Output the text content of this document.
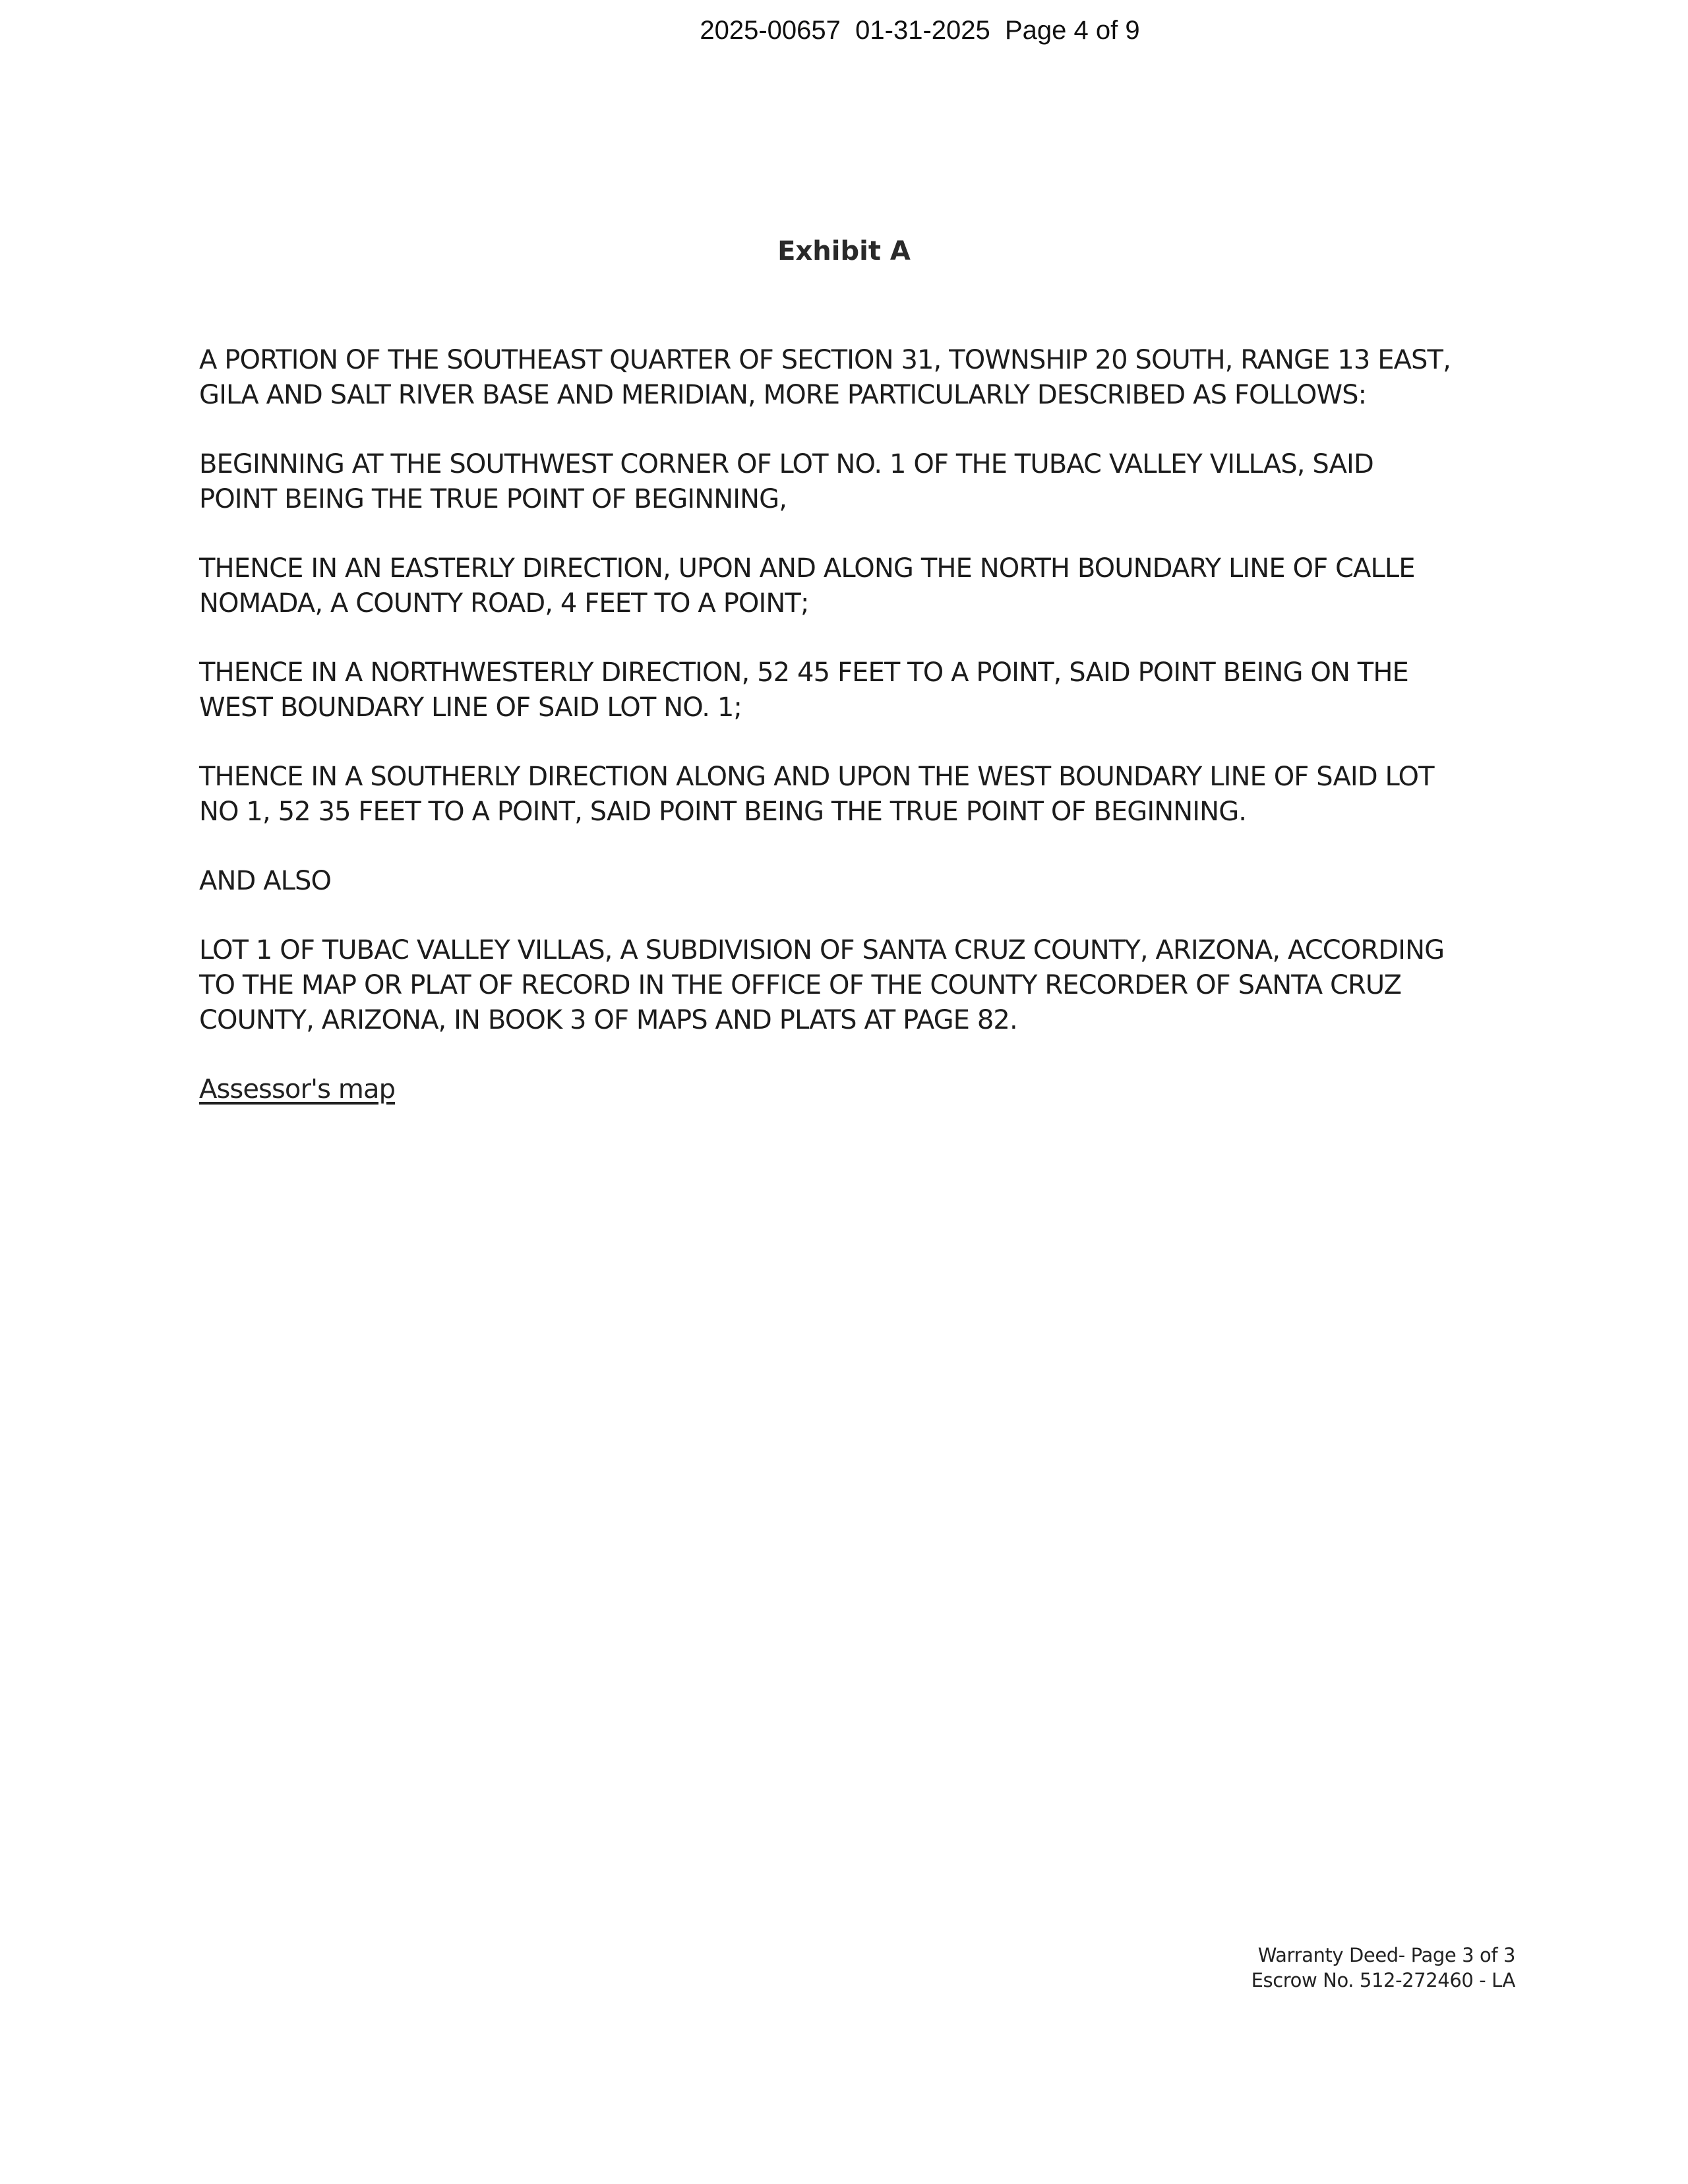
2025-00657 01-31-2025 Page 4 of 9
Exhibit A

A PORTION OF THE SOUTHEAST QUARTER OF SECTION 31, TOWNSHIP 20 SOUTH, RANGE 13 EAST,
GILA AND SALT RIVER BASE AND MERIDIAN, MORE PARTICULARLY DESCRIBED AS FOLLOWS:

BEGINNING AT THE SOUTHWEST CORNER OF LOT NO. 1 OF THE TUBAC VALLEY VILLAS, SAID
POINT BEING THE TRUE POINT OF BEGINNING,

THENCE IN AN EASTERLY DIRECTION, UPON AND ALONG THE NORTH BOUNDARY LINE OF CALLE
NOMADA, A COUNTY ROAD, 4 FEET TO A POINT;

THENCE IN A NORTHWESTERLY DIRECTION, 52 45 FEET TO A POINT, SAID POINT BEING ON THE
WEST BOUNDARY LINE OF SAID LOT NO. 1;

THENCE IN A SOUTHERLY DIRECTION ALONG AND UPON THE WEST BOUNDARY LINE OF SAID LOT
NO 1, 52 35 FEET TO A POINT, SAID POINT BEING THE TRUE POINT OF BEGINNING.

AND ALSO

LOT 1 OF TUBAC VALLEY VILLAS, A SUBDIVISION OF SANTA CRUZ COUNTY, ARIZONA, ACCORDING
TO THE MAP OR PLAT OF RECORD IN THE OFFICE OF THE COUNTY RECORDER OF SANTA CRUZ
COUNTY, ARIZONA, IN BOOK 3 OF MAPS AND PLATS AT PAGE 82.

Assessor's map
Warranty Deed- Page 3 of 3
Escrow No. 512-272460 - LA
